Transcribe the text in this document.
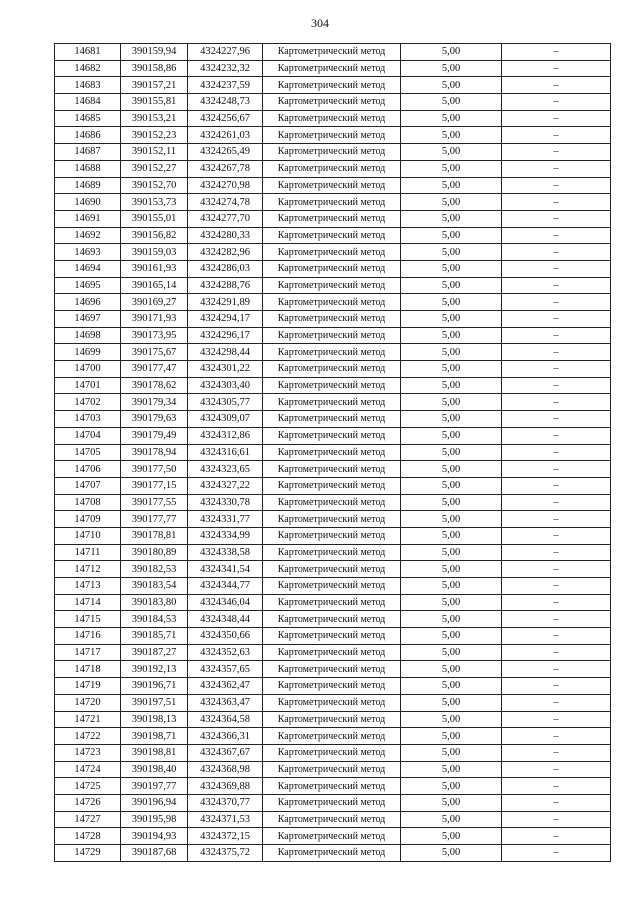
304
14681	390159,94	4324227,96	Картометрический метод	5,00	–
14682	390158,86	4324232,32	Картометрический метод	5,00	–
14683	390157,21	4324237,59	Картометрический метод	5,00	–
14684	390155,81	4324248,73	Картометрический метод	5,00	–
14685	390153,21	4324256,67	Картометрический метод	5,00	–
14686	390152,23	4324261,03	Картометрический метод	5,00	–
14687	390152,11	4324265,49	Картометрический метод	5,00	–
14688	390152,27	4324267,78	Картометрический метод	5,00	–
14689	390152,70	4324270,98	Картометрический метод	5,00	–
14690	390153,73	4324274,78	Картометрический метод	5,00	–
14691	390155,01	4324277,70	Картометрический метод	5,00	–
14692	390156,82	4324280,33	Картометрический метод	5,00	–
14693	390159,03	4324282,96	Картометрический метод	5,00	–
14694	390161,93	4324286,03	Картометрический метод	5,00	–
14695	390165,14	4324288,76	Картометрический метод	5,00	–
14696	390169,27	4324291,89	Картометрический метод	5,00	–
14697	390171,93	4324294,17	Картометрический метод	5,00	–
14698	390173,95	4324296,17	Картометрический метод	5,00	–
14699	390175,67	4324298,44	Картометрический метод	5,00	–
14700	390177,47	4324301,22	Картометрический метод	5,00	–
14701	390178,62	4324303,40	Картометрический метод	5,00	–
14702	390179,34	4324305,77	Картометрический метод	5,00	–
14703	390179,63	4324309,07	Картометрический метод	5,00	–
14704	390179,49	4324312,86	Картометрический метод	5,00	–
14705	390178,94	4324316,61	Картометрический метод	5,00	–
14706	390177,50	4324323,65	Картометрический метод	5,00	–
14707	390177,15	4324327,22	Картометрический метод	5,00	–
14708	390177,55	4324330,78	Картометрический метод	5,00	–
14709	390177,77	4324331,77	Картометрический метод	5,00	–
14710	390178,81	4324334,99	Картометрический метод	5,00	–
14711	390180,89	4324338,58	Картометрический метод	5,00	–
14712	390182,53	4324341,54	Картометрический метод	5,00	–
14713	390183,54	4324344,77	Картометрический метод	5,00	–
14714	390183,80	4324346,04	Картометрический метод	5,00	–
14715	390184,53	4324348,44	Картометрический метод	5,00	–
14716	390185,71	4324350,66	Картометрический метод	5,00	–
14717	390187,27	4324352,63	Картометрический метод	5,00	–
14718	390192,13	4324357,65	Картометрический метод	5,00	–
14719	390196,71	4324362,47	Картометрический метод	5,00	–
14720	390197,51	4324363,47	Картометрический метод	5,00	–
14721	390198,13	4324364,58	Картометрический метод	5,00	–
14722	390198,71	4324366,31	Картометрический метод	5,00	–
14723	390198,81	4324367,67	Картометрический метод	5,00	–
14724	390198,40	4324368,98	Картометрический метод	5,00	–
14725	390197,77	4324369,88	Картометрический метод	5,00	–
14726	390196,94	4324370,77	Картометрический метод	5,00	–
14727	390195,98	4324371,53	Картометрический метод	5,00	–
14728	390194,93	4324372,15	Картометрический метод	5,00	–
14729	390187,68	4324375,72	Картометрический метод	5,00	–
